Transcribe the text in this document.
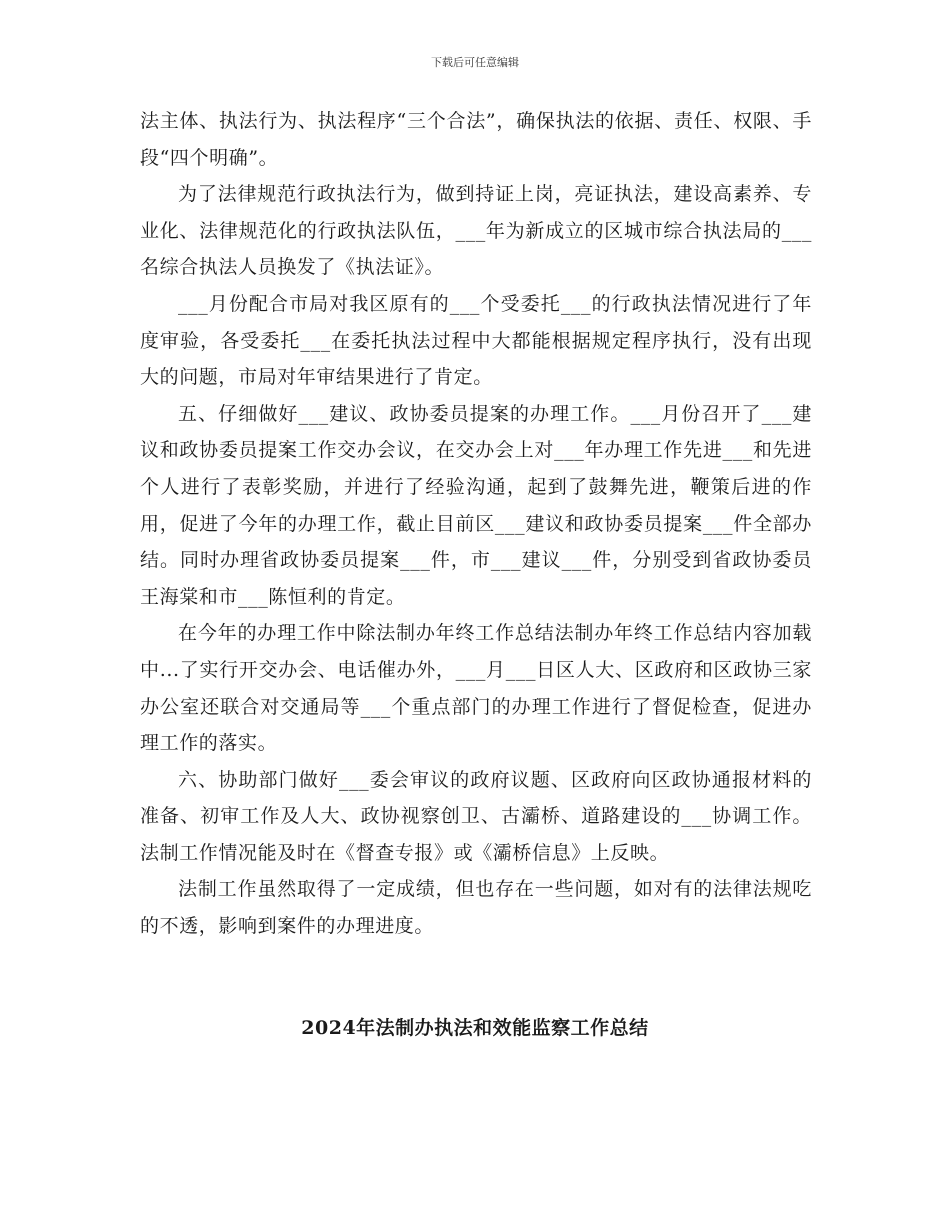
下载后可任意编辑

法主体、执法行为、执法程序“三个合法”，确保执法的依据、责任、权限、手段“四个明确”。

为了法律规范行政执法行为，做到持证上岗，亮证执法，建设高素养、专业化、法律规范化的行政执法队伍，___年为新成立的区城市综合执法局的___名综合执法人员换发了《执法证》。

___月份配合市局对我区原有的___个受委托___的行政执法情况进行了年度审验，各受委托___在委托执法过程中大都能根据规定程序执行，没有出现大的问题，市局对年审结果进行了肯定。

五、仔细做好___建议、政协委员提案的办理工作。___月份召开了___建议和政协委员提案工作交办会议，在交办会上对___年办理工作先进___和先进个人进行了表彰奖励，并进行了经验沟通，起到了鼓舞先进，鞭策后进的作用，促进了今年的办理工作，截止目前区___建议和政协委员提案___件全部办结。同时办理省政协委员提案___件，市___建议___件，分别受到省政协委员王海棠和市___陈恒利的肯定。

在今年的办理工作中除法制办年终工作总结法制办年终工作总结内容加载中...了实行开交办会、电话催办外，___月___日区人大、区政府和区政协三家办公室还联合对交通局等___个重点部门的办理工作进行了督促检查，促进办理工作的落实。

六、协助部门做好___委会审议的政府议题、区政府向区政协通报材料的准备、初审工作及人大、政协视察创卫、古灞桥、道路建设的___协调工作。法制工作情况能及时在《督查专报》或《灞桥信息》上反映。

法制工作虽然取得了一定成绩，但也存在一些问题，如对有的法律法规吃的不透，影响到案件的办理进度。

2024年法制办执法和效能监察工作总结
